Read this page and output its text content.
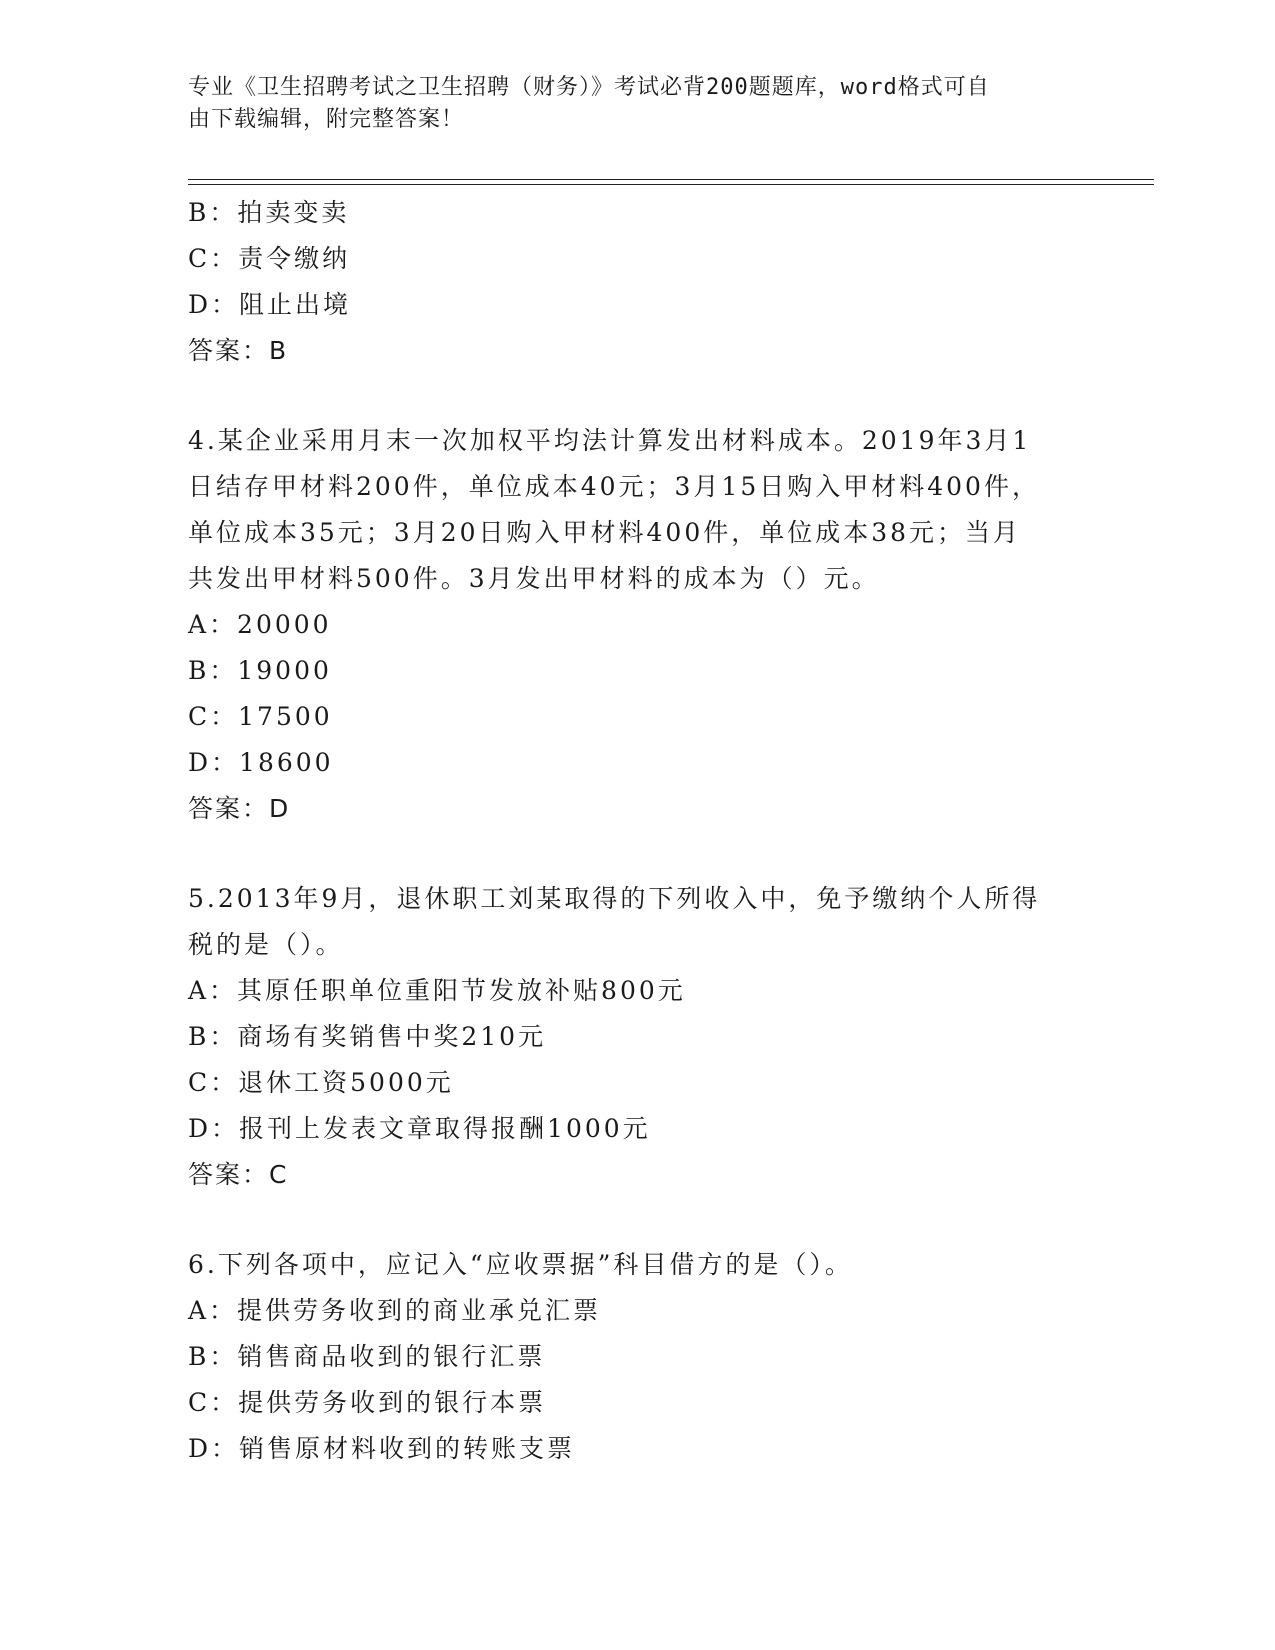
专业《卫生招聘考试之卫生招聘（财务）》考试必背200题题库，word格式可自
由下载编辑，附完整答案！
B：拍卖变卖
C：责令缴纳
D：阻止出境
答案：B
4.某企业采用月末一次加权平均法计算发出材料成本。2019年3月1
日结存甲材料200件，单位成本40元；3月15日购入甲材料400件，
单位成本35元；3月20日购入甲材料400件，单位成本38元；当月
共发出甲材料500件。3月发出甲材料的成本为（）元。
A：20000
B：19000
C：17500
D：18600
答案：D
5.2013年9月，退休职工刘某取得的下列收入中，免予缴纳个人所得
税的是（）。
A：其原任职单位重阳节发放补贴800元
B：商场有奖销售中奖210元
C：退休工资5000元
D：报刊上发表文章取得报酬1000元
答案：C
6.下列各项中，应记入“应收票据”科目借方的是（）。
A：提供劳务收到的商业承兑汇票
B：销售商品收到的银行汇票
C：提供劳务收到的银行本票
D：销售原材料收到的转账支票
